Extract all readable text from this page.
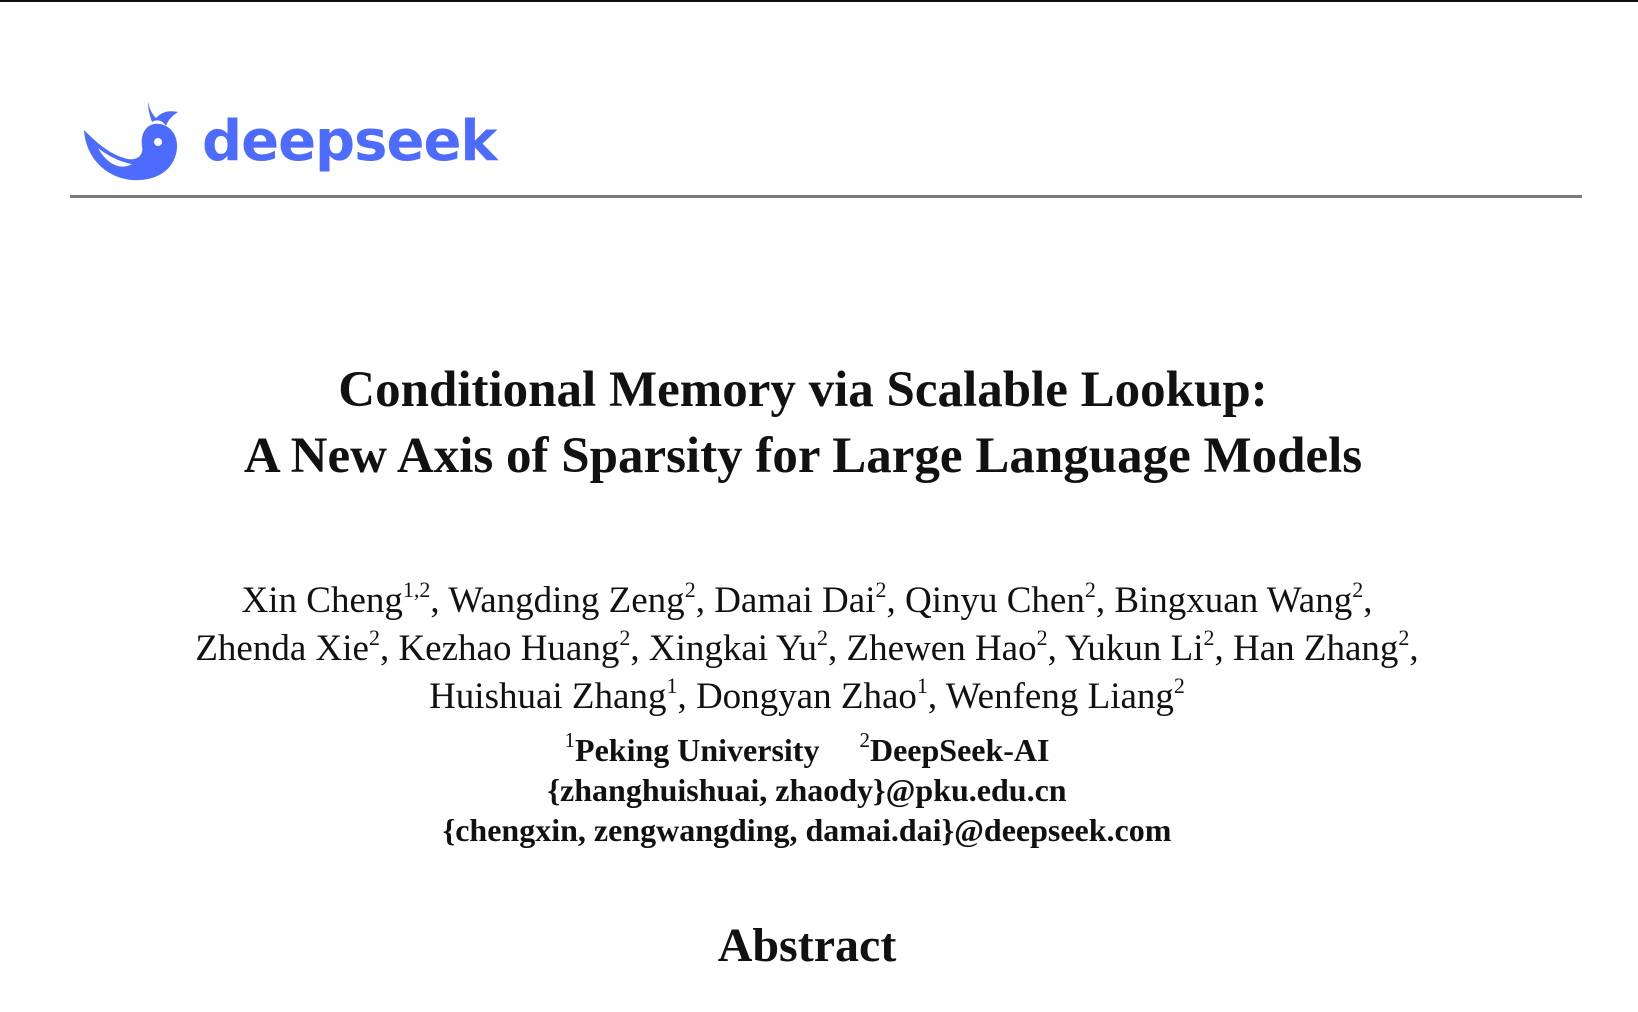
deepseek
Conditional Memory via Scalable Lookup:
A New Axis of Sparsity for Large Language Models
Xin Cheng$^{1,2}$, Wangding Zeng$^2$, Damai Dai$^2$, Qinyu Chen$^2$, Bingxuan Wang$^2$,
Zhenda Xie$^2$, Kezhao Huang$^2$, Xingkai Yu$^2$, Zhewen Hao$^2$, Yukun Li$^2$, Han Zhang$^2$,
Huishuai Zhang$^1$, Dongyan Zhao$^1$, Wenfeng Liang$^2$
$^1$Peking University $^2$DeepSeek-AI
{zhanghuishuai, zhaody}@pku.edu.cn
{chengxin, zengwangding, damai.dai}@deepseek.com
Abstract
